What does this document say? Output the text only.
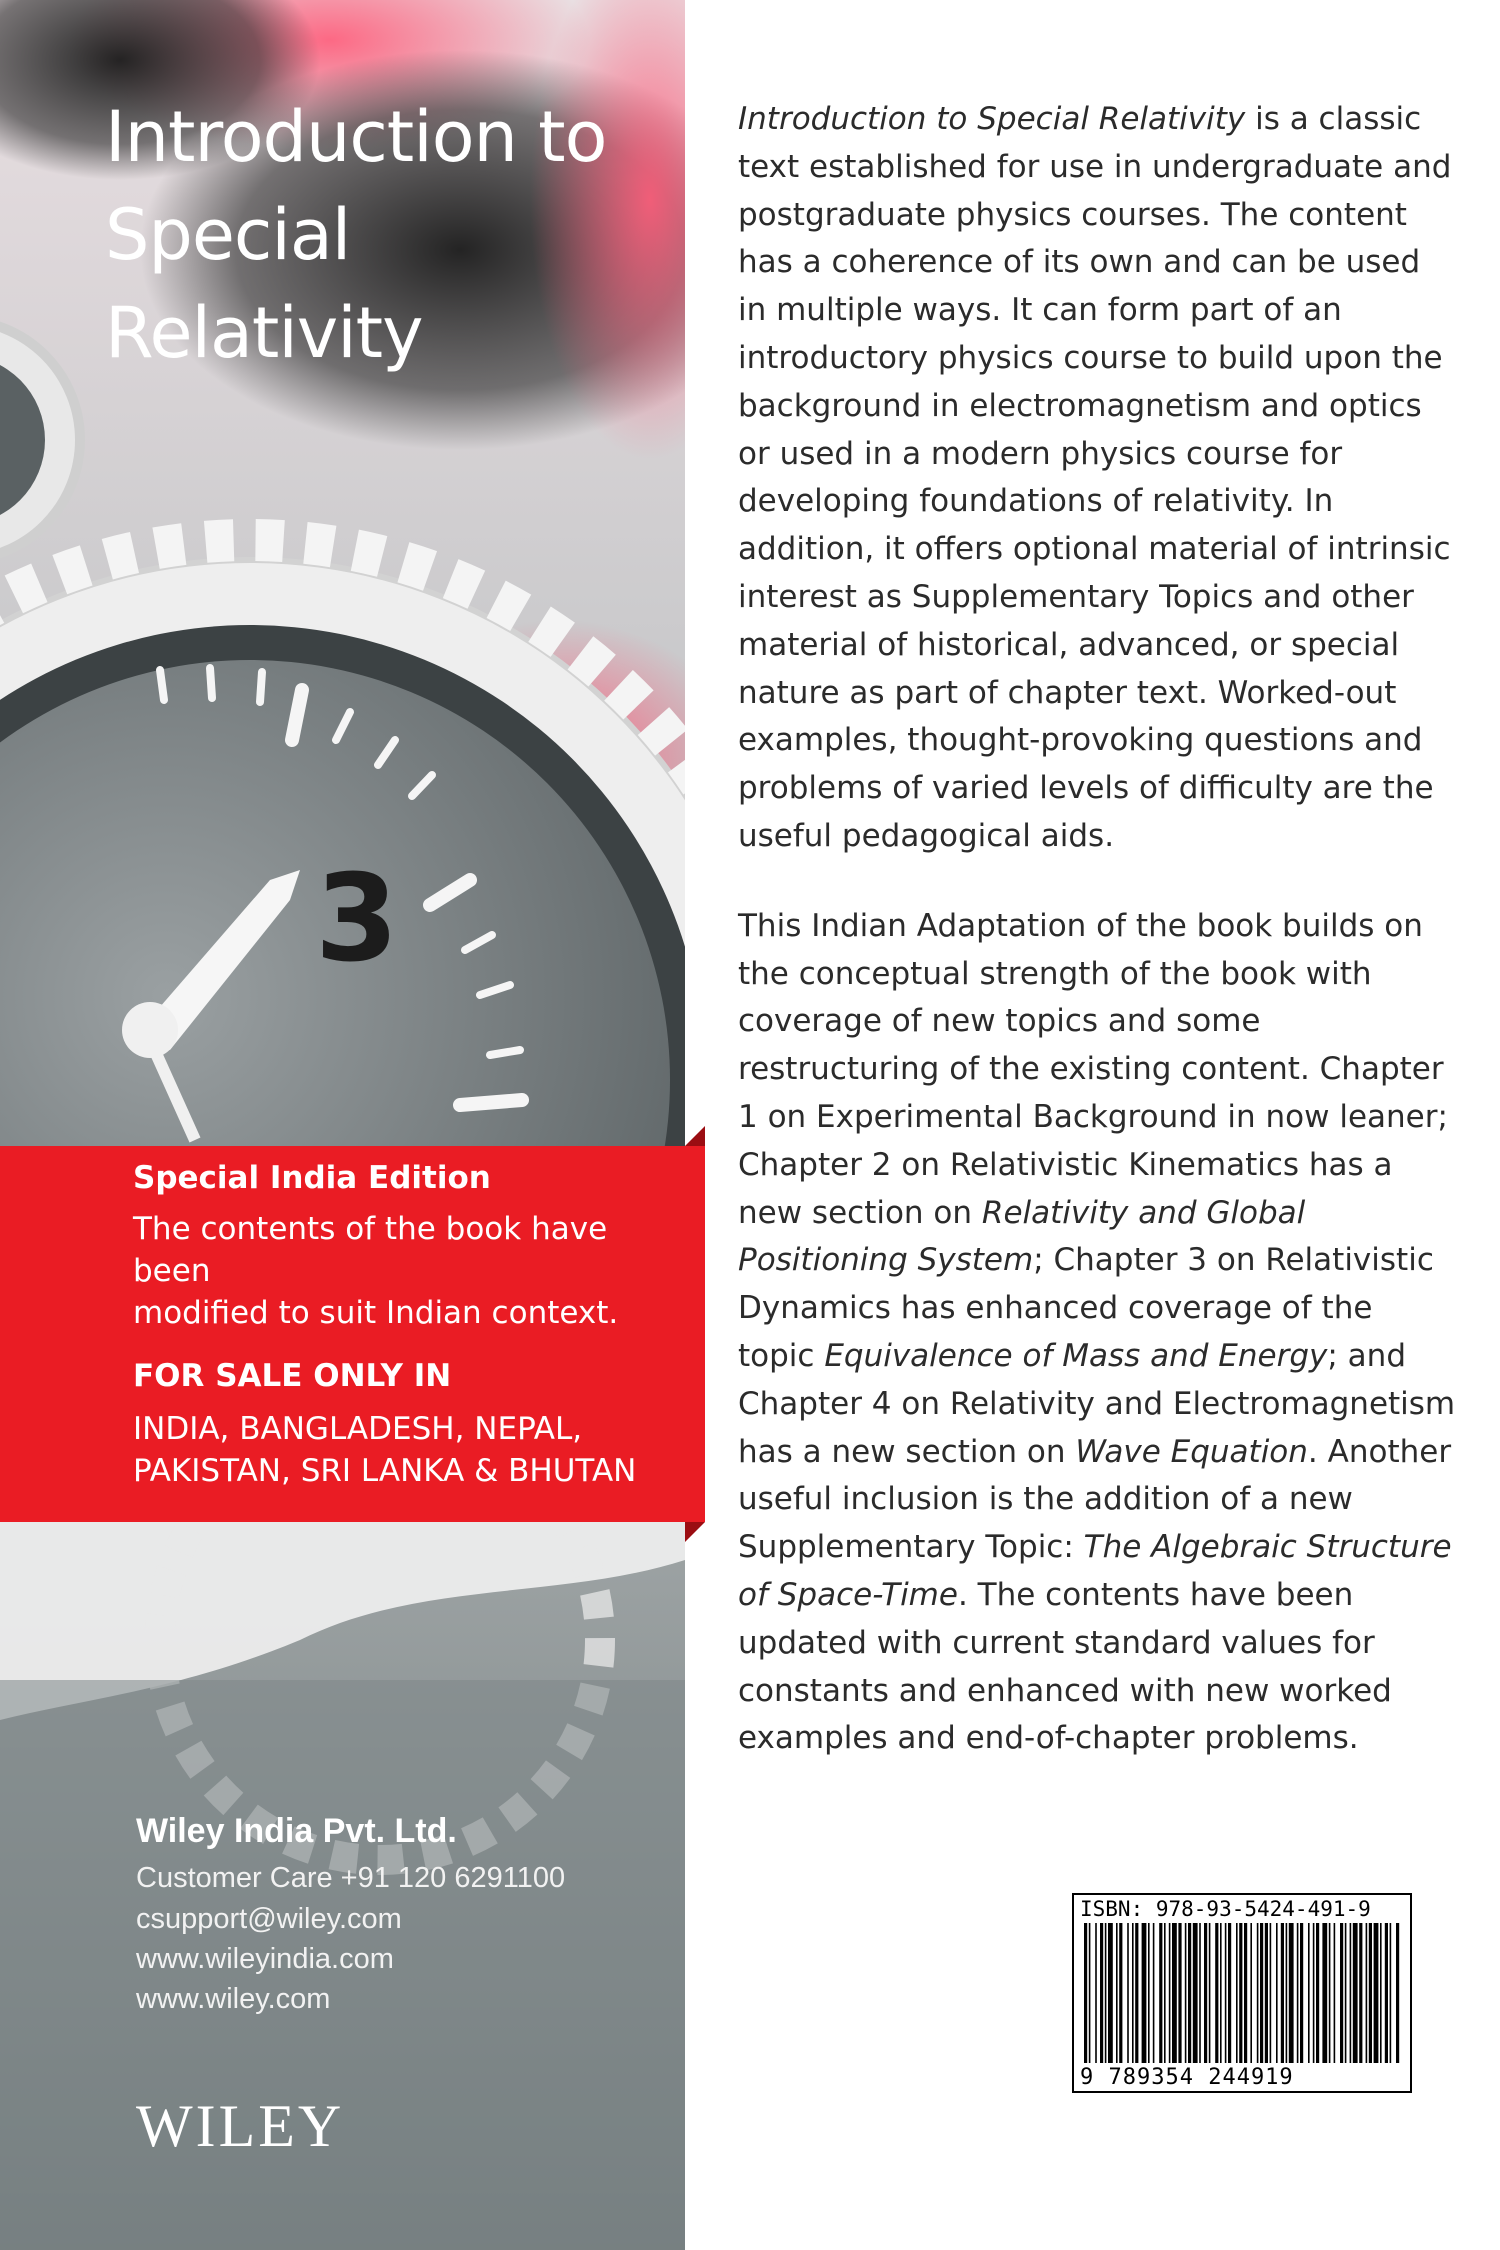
3
Introduction to
Special Relativity
Special India Edition
The contents of the book have been
modified to suit Indian context.
FOR SALE ONLY IN
INDIA, BANGLADESH, NEPAL,
PAKISTAN, SRI LANKA & BHUTAN
Wiley India Pvt. Ltd.
Customer Care +91 120 6291100
csupport@wiley.com
www.wileyindia.com
www.wiley.com
WILEY

Introduction to Special Relativity is a classic text established for use in undergraduate and postgraduate physics courses. The content has a coherence of its own and can be used in multiple ways. It can form part of an introductory physics course to build upon the background in electromagnetism and optics or used in a modern physics course for developing foundations of relativity. In addition, it offers optional material of intrinsic interest as Supplementary Topics and other material of historical, advanced, or special nature as part of chapter text. Worked-out examples, thought-provoking questions and problems of varied levels of difficulty are the useful pedagogical aids.

This Indian Adaptation of the book builds on the conceptual strength of the book with coverage of new topics and some restructuring of the existing content. Chapter 1 on Experimental Background in now leaner; Chapter 2 on Relativistic Kinematics has a new section on Relativity and Global Positioning System; Chapter 3 on Relativistic Dynamics has enhanced coverage of the topic Equivalence of Mass and Energy; and Chapter 4 on Relativity and Electromagnetism has a new section on Wave Equation. Another useful inclusion is the addition of a new Supplementary Topic: The Algebraic Structure of Space-Time. The contents have been updated with current standard values for constants and enhanced with new worked examples and end-of-chapter problems.

ISBN: 978-93-5424-491-9
9 789354 244919
